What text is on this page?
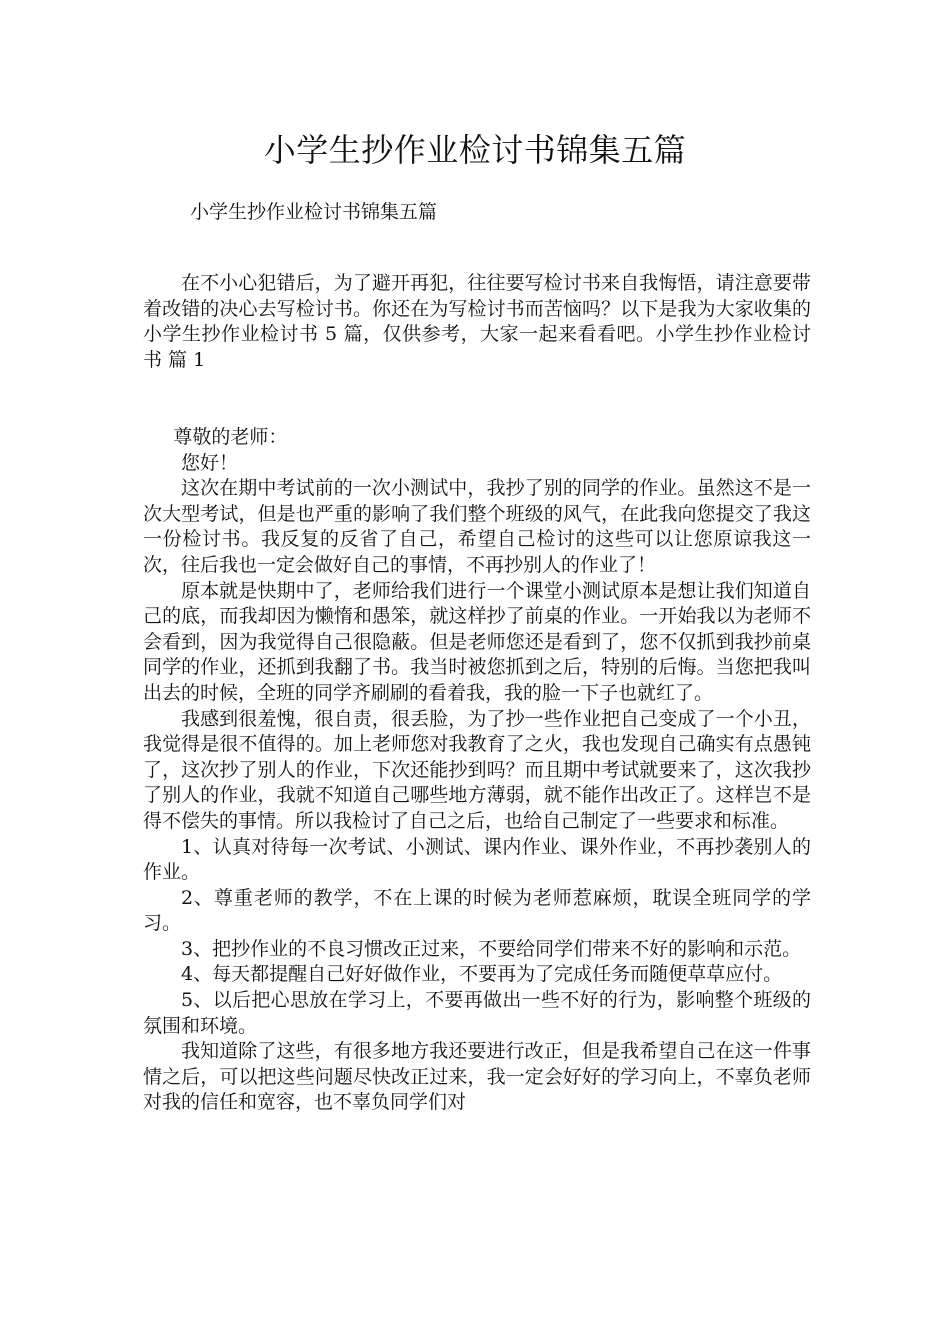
小学生抄作业检讨书锦集五篇

小学生抄作业检讨书锦集五篇

在不小心犯错后，为了避开再犯，往往要写检讨书来自我悔悟，请注意要带着改错的决心去写检讨书。你还在为写检讨书而苦恼吗？以下是我为大家收集的小学生抄作业检讨书 5 篇，仅供参考，大家一起来看看吧。小学生抄作业检讨书 篇 1

尊敬的老师：

您好！

这次在期中考试前的一次小测试中，我抄了别的同学的作业。虽然这不是一次大型考试，但是也严重的影响了我们整个班级的风气，在此我向您提交了我这一份检讨书。我反复的反省了自己，希望自己检讨的这些可以让您原谅我这一次，往后我也一定会做好自己的事情，不再抄别人的作业了！

原本就是快期中了，老师给我们进行一个课堂小测试原本是想让我们知道自己的底，而我却因为懒惰和愚笨，就这样抄了前桌的作业。一开始我以为老师不会看到，因为我觉得自己很隐蔽。但是老师您还是看到了，您不仅抓到我抄前桌同学的作业，还抓到我翻了书。我当时被您抓到之后，特别的后悔。当您把我叫出去的时候，全班的同学齐刷刷的看着我，我的脸一下子也就红了。

我感到很羞愧，很自责，很丢脸，为了抄一些作业把自己变成了一个小丑，我觉得是很不值得的。加上老师您对我教育了之火，我也发现自己确实有点愚钝了，这次抄了别人的作业，下次还能抄到吗？而且期中考试就要来了，这次我抄了别人的作业，我就不知道自己哪些地方薄弱，就不能作出改正了。这样岂不是得不偿失的事情。所以我检讨了自己之后，也给自己制定了一些要求和标准。

1、认真对待每一次考试、小测试、课内作业、课外作业，不再抄袭别人的作业。

2、尊重老师的教学，不在上课的时候为老师惹麻烦，耽误全班同学的学习。

3、把抄作业的不良习惯改正过来，不要给同学们带来不好的影响和示范。

4、每天都提醒自己好好做作业，不要再为了完成任务而随便草草应付。

5、以后把心思放在学习上，不要再做出一些不好的行为，影响整个班级的氛围和环境。

我知道除了这些，有很多地方我还要进行改正，但是我希望自己在这一件事情之后，可以把这些问题尽快改正过来，我一定会好好的学习向上，不辜负老师对我的信任和宽容，也不辜负同学们对
